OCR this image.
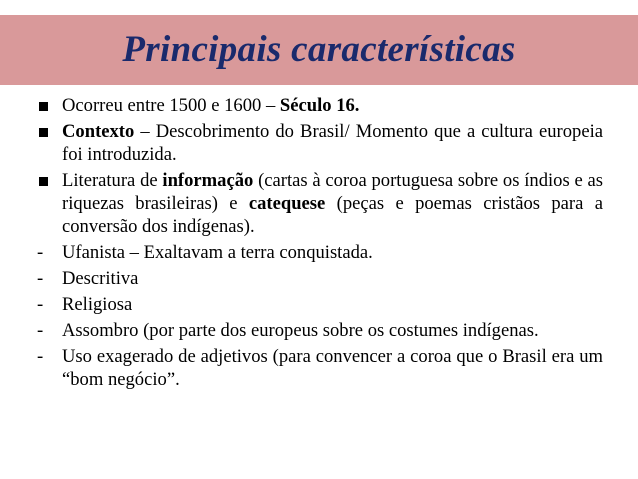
Principais características
Ocorreu entre 1500 e 1600 – Século 16.
Contexto – Descobrimento do Brasil/ Momento que a cultura europeia foi introduzida.
Literatura de informação (cartas à coroa portuguesa sobre os índios e as riquezas brasileiras) e catequese (peças e poemas cristãos para a conversão dos indígenas).
-	Ufanista – Exaltavam a terra conquistada.
-	Descritiva
-	Religiosa
-	Assombro (por parte dos europeus sobre os costumes indígenas.
-	Uso exagerado de adjetivos (para convencer a coroa que o Brasil era um “bom negócio”.
